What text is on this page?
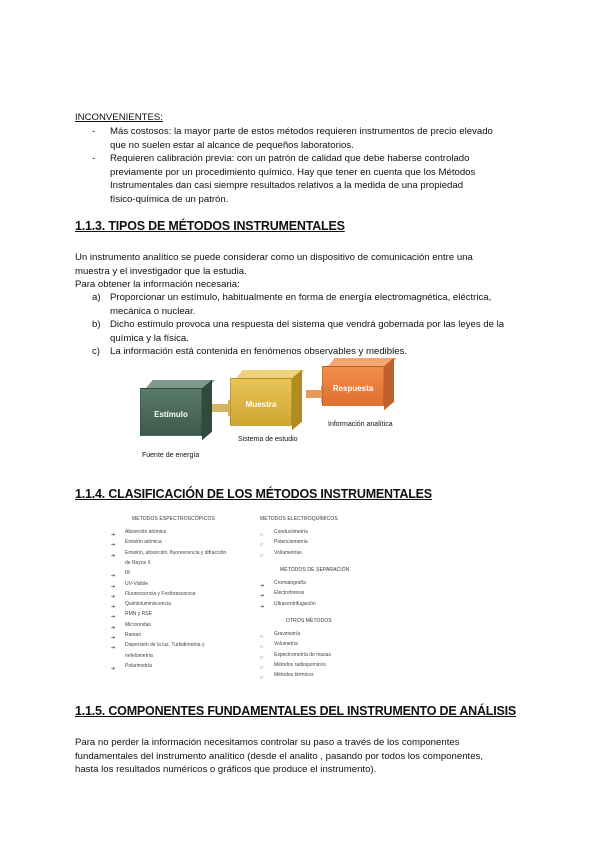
INCONVENIENTES:
- Más costosos: la mayor parte de estos métodos requieren instrumentos de precio elevado
que no suelen estar al alcance de pequeños laboratorios.
- Requieren calibración previa: con un patrón de calidad que debe haberse controlado
previamente por un procedimiento químico. Hay que tener en cuenta que los Métodos
Instrumentales dan casi siempre resultados relativos a la medida de una propiedad
físico-química de un patrón.
1.1.3. TIPOS DE MÉTODOS INSTRUMENTALES
Un instrumento analítico se puede considerar como un dispositivo de comunicación entre una
muestra y el investigador que la estudia.
Para obtener la información necesaria:
a) Proporcionar un estímulo, habitualmente en forma de energía electromagnética, eléctrica,
mecánica o nuclear.
b) Dicho estímulo provoca una respuesta del sistema que vendrá gobernada por las leyes de la
química y la física.
c) La información está contenida en fenómenos observables y medibles.
Estímulo
Muestra
Respuesta
Fuente de energía
Sistema de estudio
Información analítica
1.1.4. CLASIFICACIÓN DE LOS MÉTODOS INSTRUMENTALES
MÉTODOS ESPECTROSCÓPICOS
➔ Absorción atómica
➔ Emisión atómica
➔ Emisión, absorción, fluorescencia y difracción
de Rayos X
➔ IR
➔ UV-Visible
➔ Fluorescencia y Fosforescencia
➔ Quimioluminiscencia
➔ RMN y RSE
➔ Microondas
➔ Raman
➔ Dispersión de la luz, Turbidimetría y
nefelometría
➔ Polarimetría
MÉTODOS ELECTROQUÍMICOS
○ Conductimetría
○ Potenciometría
○ Voltametrías
MÉTODOS DE SEPARACIÓN
➔ Cromatografía
➔ Electroforesis
➔ Ultracentrifugación
OTROS MÉTODOS
○ Gravimetría
○ Volumetría
○ Espectrometría de masas
○ Métodos radioquímicos
○ Métodos térmicos
1.1.5. COMPONENTES FUNDAMENTALES DEL INSTRUMENTO DE ANÁLISIS
Para no perder la información necesitamos controlar su paso a través de los componentes
fundamentales del instrumento analítico (desde el analito , pasando por todos los componentes,
hasta los resultados numéricos o gráficos que produce el instrumento).
